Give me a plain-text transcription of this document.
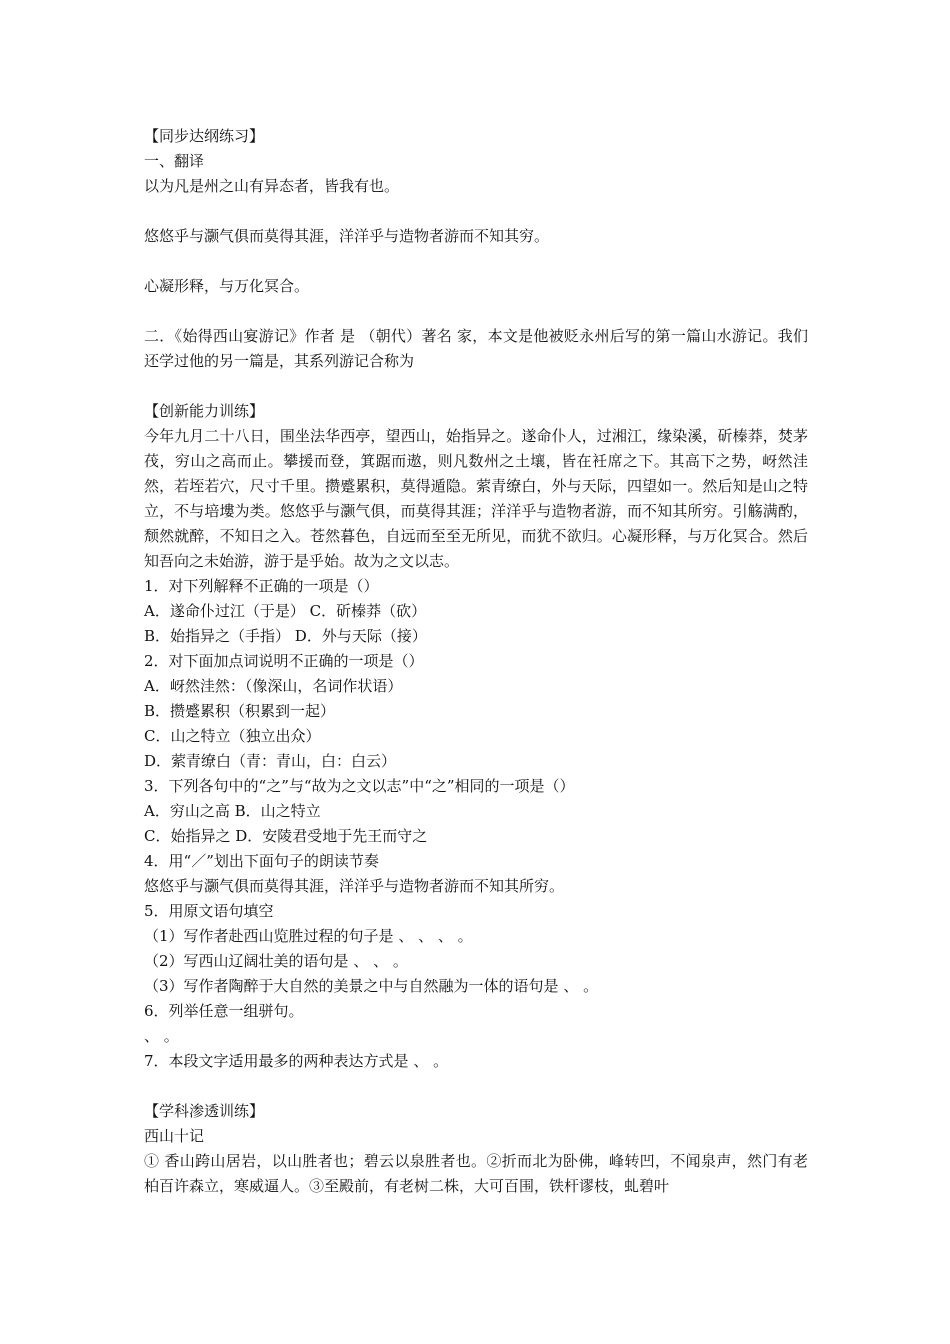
【同步达纲练习】
一、翻译
以为凡是州之山有异态者，皆我有也。
悠悠乎与灏气俱而莫得其涯，洋洋乎与造物者游而不知其穷。
心凝形释，与万化冥合。
二．《始得西山宴游记》作者 是 （朝代）著名 家，本文是他被贬永州后写的第一篇山水游记。我们还学过他的另一篇是，其系列游记合称为
【创新能力训练】
今年九月二十八日，围坐法华西亭，望西山，始指异之。遂命仆人，过湘江，缘染溪，斫榛莽，焚茅茷，穷山之高而止。攀援而登，箕踞而遨，则凡数州之土壤，皆在衽席之下。其高下之势，岈然洼然，若垤若穴，尺寸千里。攒蹙累积，莫得遁隐。萦青缭白，外与天际，四望如一。然后知是山之特立，不与培塿为类。悠悠乎与灏气俱，而莫得其涯；洋洋乎与造物者游，而不知其所穷。引觞满酌，颓然就醉，不知日之入。苍然暮色，自远而至至无所见，而犹不欲归。心凝形释，与万化冥合。然后知吾向之未始游，游于是乎始。故为之文以志。
1．对下列解释不正确的一项是（）
A．遂命仆过江（于是） C．斫榛莽（砍）
B．始指异之（手指） D．外与天际（接）
2．对下面加点词说明不正确的一项是（）
A．岈然洼然：（像深山，名词作状语）
B．攒蹙累积（积累到一起）
C．山之特立（独立出众）
D．萦青缭白（青：青山，白：白云）
3．下列各句中的“之”与“故为之文以志”中“之”相同的一项是（）
A．穷山之高 B．山之特立
C．始指异之 D．安陵君受地于先王而守之
4．用“／”划出下面句子的朗读节奏
悠悠乎与灏气俱而莫得其涯，洋洋乎与造物者游而不知其所穷。
5．用原文语句填空
（1）写作者赴西山览胜过程的句子是 、 、 、 。
（2）写西山辽阔壮美的语句是 、 、 。
（3）写作者陶醉于大自然的美景之中与自然融为一体的语句是 、 。
6．列举任意一组骈句。
、 。
7．本段文字适用最多的两种表达方式是 、 。
【学科渗透训练】
西山十记
① 香山跨山居岩，以山胜者也；碧云以泉胜者也。②折而北为卧佛，峰转凹，不闻泉声，然门有老柏百许森立，寒威逼人。③至殿前，有老树二株，大可百围，铁杆谬枝，虬碧叶
